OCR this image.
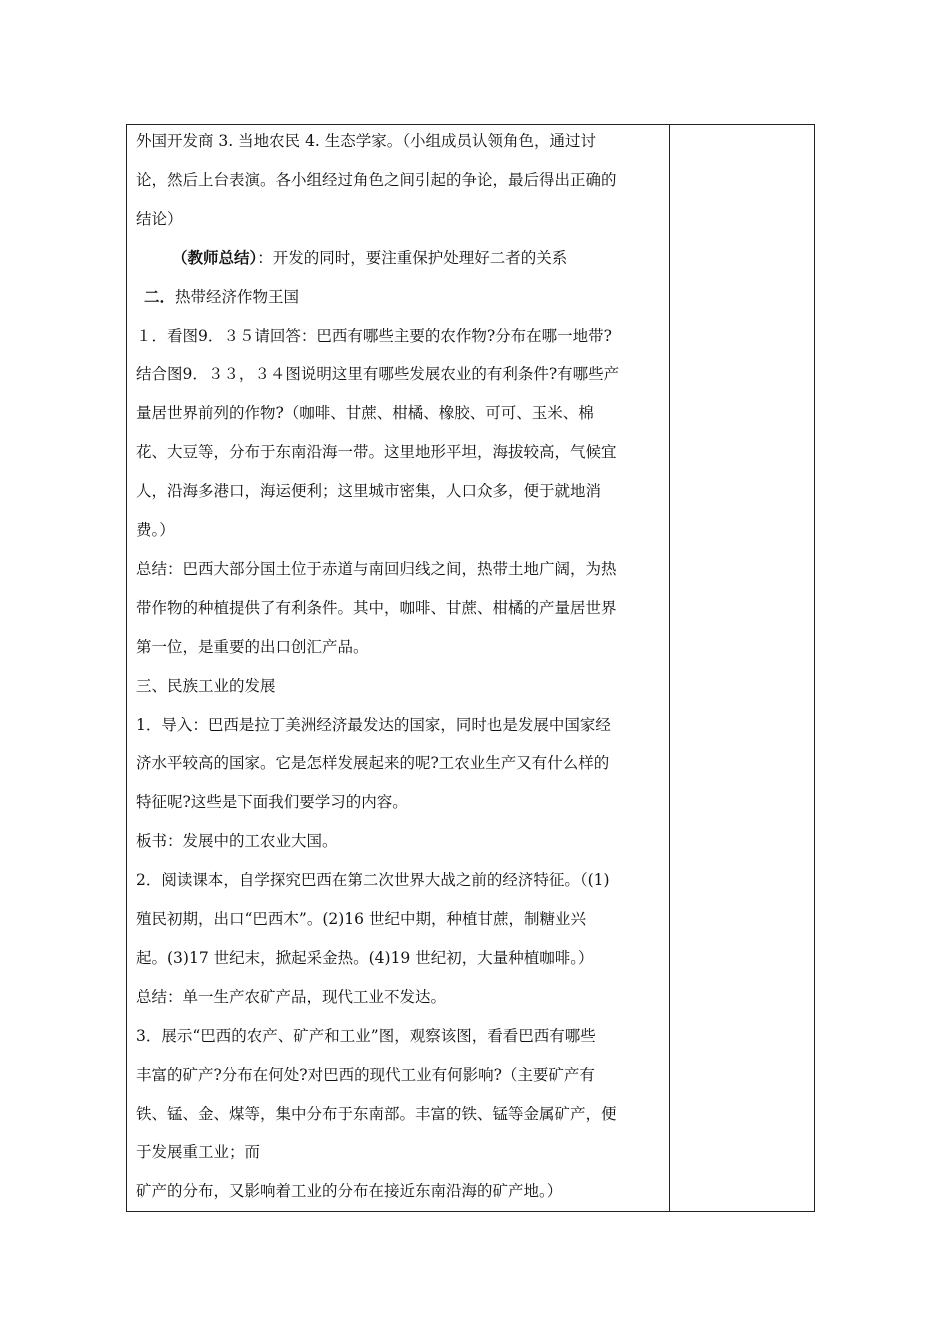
外国开发商 3. 当地农民 4. 生态学家。（小组成员认领角色，通过讨
论，然后上台表演。各小组经过角色之间引起的争论，最后得出正确的
结论）
（教师总结）：开发的同时，要注重保护处理好二者的关系
二．热带经济作物王国
１．看图9．３５请回答：巴西有哪些主要的农作物?分布在哪一地带?
结合图9．３３，３４图说明这里有哪些发展农业的有利条件?有哪些产
量居世界前列的作物?（咖啡、甘蔗、柑橘、橡胶、可可、玉米、棉
花、大豆等，分布于东南沿海一带。这里地形平坦，海拔较高，气候宜
人，沿海多港口，海运便利；这里城市密集，人口众多，便于就地消
费。）
总结：巴西大部分国土位于赤道与南回归线之间，热带土地广阔，为热
带作物的种植提供了有利条件。其中，咖啡、甘蔗、柑橘的产量居世界
第一位，是重要的出口创汇产品。
三、民族工业的发展
1．导入：巴西是拉丁美洲经济最发达的国家，同时也是发展中国家经
济水平较高的国家。它是怎样发展起来的呢?工农业生产又有什么样的
特征呢?这些是下面我们要学习的内容。
板书：发展中的工农业大国。
2．阅读课本，自学探究巴西在第二次世界大战之前的经济特征。（(1)
殖民初期，出口“巴西木”。(2)16 世纪中期，种植甘蔗，制糖业兴
起。(3)17 世纪末，掀起采金热。(4)19 世纪初，大量种植咖啡。）
总结：单一生产农矿产品，现代工业不发达。
3．展示“巴西的农产、矿产和工业”图，观察该图，看看巴西有哪些
丰富的矿产?分布在何处?对巴西的现代工业有何影响?（主要矿产有
铁、锰、金、煤等，集中分布于东南部。丰富的铁、锰等金属矿产，便
于发展重工业；而
矿产的分布，又影响着工业的分布在接近东南沿海的矿产地。）
